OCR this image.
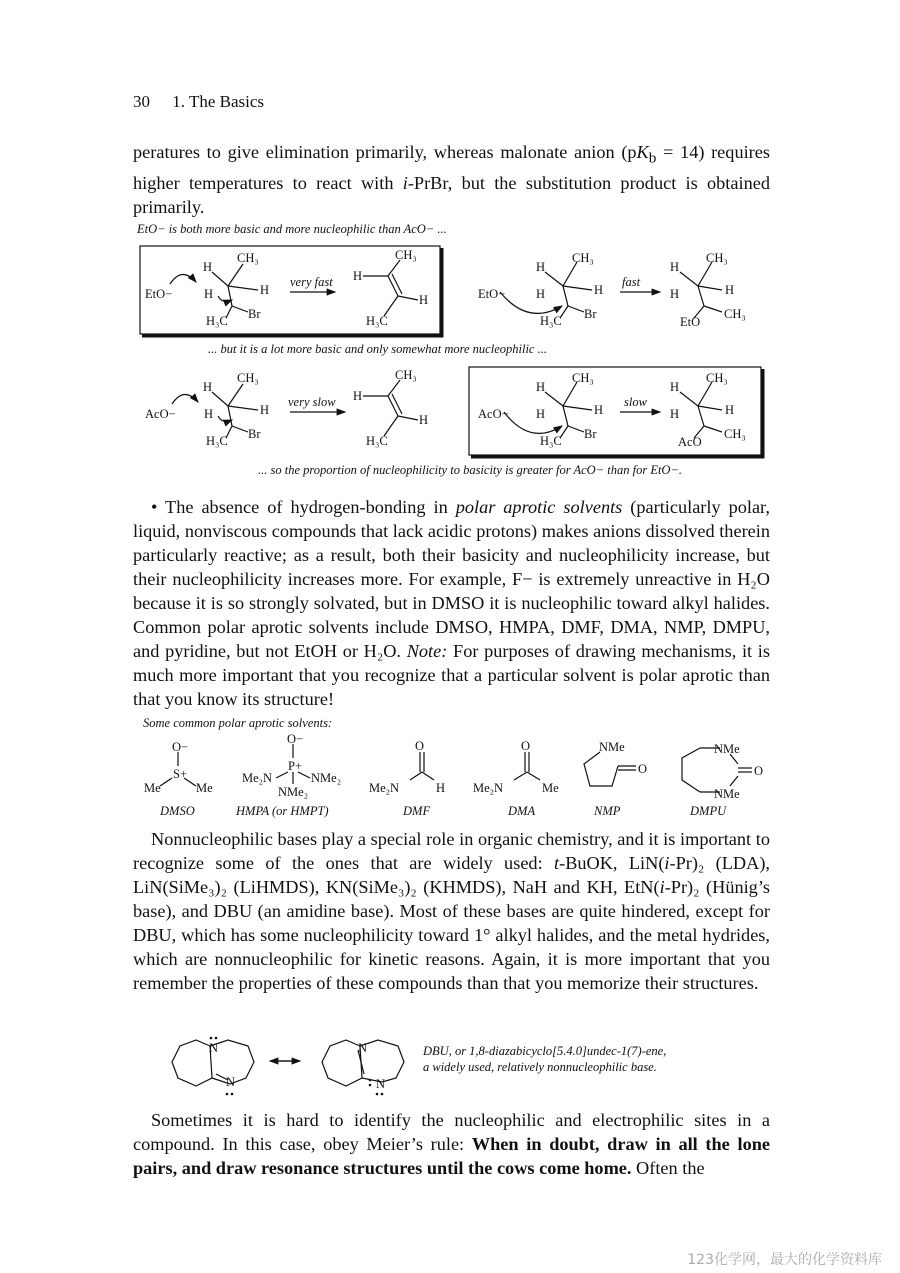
30 1. The Basics

peratures to give elimination primarily, whereas malonate anion $(pK_b = 14)$ requires higher temperatures to react with i-PrBr, but the substitution product is obtained primarily.

EtO− is both more basic and more nucleophilic than AcO− ...
... but it is a lot more basic and only somewhat more nucleophilic ...
... so the proportion of nucleophilicity to basicity is greater for AcO− than for EtO−.
EtO−
H
CH₃
H	H
H₃C Br
very fast H
CH₃
H
H₃C
EtO−
H
CH₃
H	H
H₃C Br
fast
H
CH₃
H	H
EtO
CH₃
AcO−
H
CH₃
H	H
H₃C Br
very slow H
CH₃
H
H₃C
AcO−
H
CH₃
H	H
H₃C Br
slow
H
CH₃
H	H
AcO
CH₃
O−
S+
Me	Me
DMSO
O−
P+
Me₂N	NMe₂
NMe₂
HMPA (or HMPT)
O
Me₂N	H
DMF
O
Me₂N	Me
DMA
NMe
O
NMP
NMe
NMe
O
DMPU
N
N
N
N

• The absence of hydrogen-bonding in polar aprotic solvents (particularly polar, liquid, nonviscous compounds that lack acidic protons) makes anions dissolved therein particularly reactive; as a result, both their basicity and nucleophilicity increase, but their nucleophilicity increases more. For example, F− is extremely unreactive in H₂O because it is so strongly solvated, but in DMSO it is nucleophilic toward alkyl halides. Common polar aprotic solvents include DMSO, HMPA, DMF, DMA, NMP, DMPU, and pyridine, but not EtOH or H₂O. Note: For purposes of drawing mechanisms, it is much more important that you recognize that a particular solvent is polar aprotic than that you know its structure!

Some common polar aprotic solvents:

Nonnucleophilic bases play a special role in organic chemistry, and it is important to recognize some of the ones that are widely used: t-BuOK, LiN(i-Pr)₂ (LDA), LiN(SiMe₃)₂ (LiHMDS), KN(SiMe₃)₂ (KHMDS), NaH and KH, EtN(i-Pr)₂ (Hünig’s base), and DBU (an amidine base). Most of these bases are quite hindered, except for DBU, which has some nucleophilicity toward 1° alkyl halides, and the metal hydrides, which are nonnucleophilic for kinetic reasons. Again, it is more important that you remember the properties of these compounds than that you memorize their structures.

DBU, or 1,8-diazabicyclo[5.4.0]undec-1(7)-ene,
a widely used, relatively nonnucleophilic base.

Sometimes it is hard to identify the nucleophilic and electrophilic sites in a compound. In this case, obey Meier’s rule: When in doubt, draw in all the lone pairs, and draw resonance structures until the cows come home. Often the

123化学网，最大的化学资料库
